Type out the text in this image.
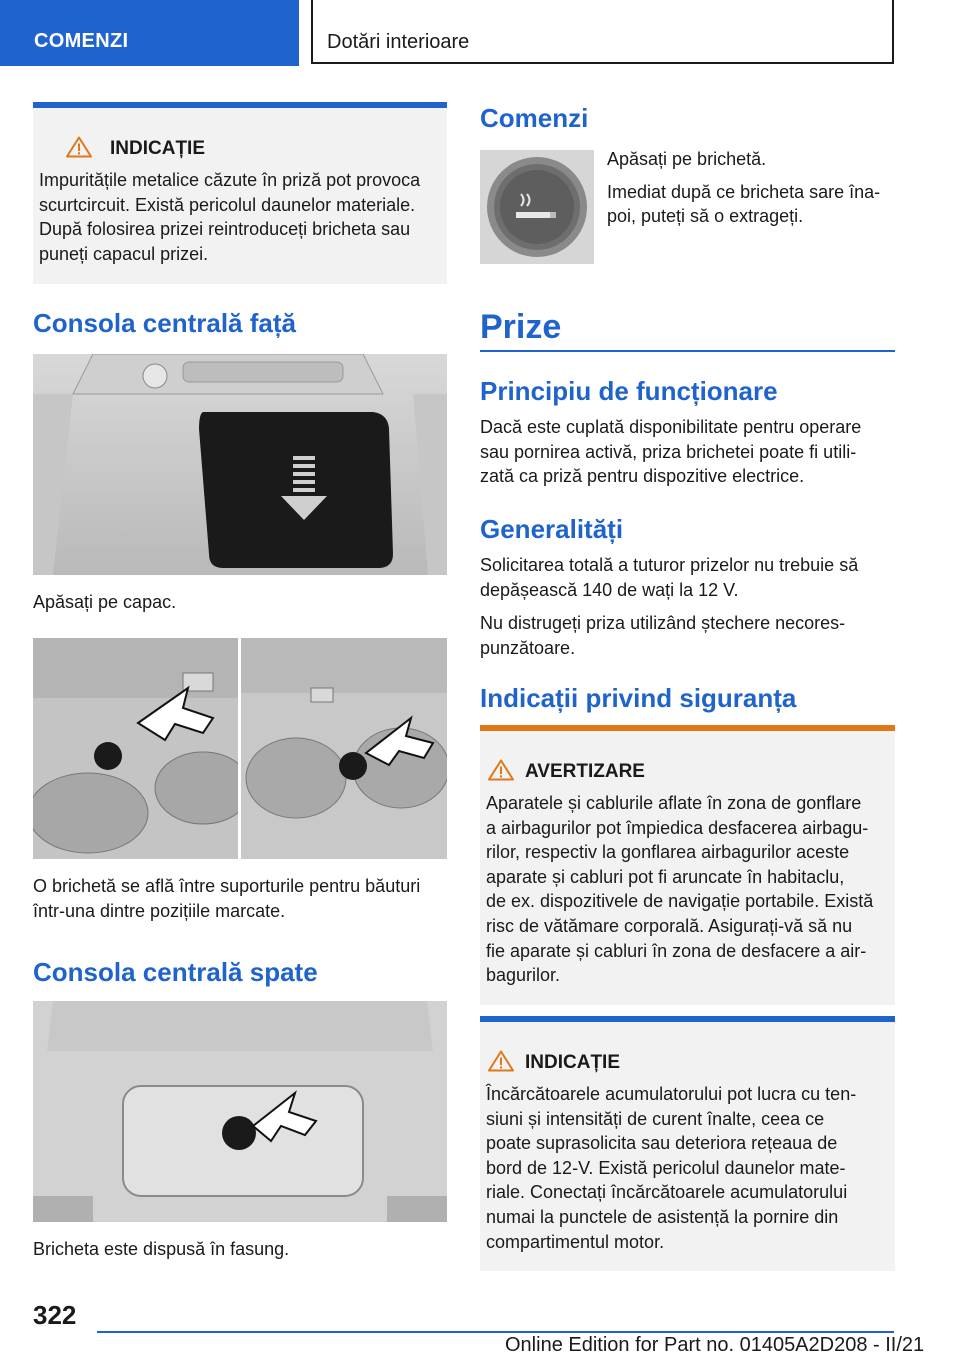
COMENZI	Dotări interioare
INDICAȚIE
Impuritățile metalice căzute în priză pot provoca
scurtcircuit. Există pericolul daunelor materiale.
După folosirea prizei reintroduceți bricheta sau
puneți capacul prizei.
Consola centrală față
Apăsați pe capac.
O brichetă se află între suporturile pentru băuturi
într-una dintre pozițiile marcate.
Consola centrală spate
Bricheta este dispusă în fasung.
Comenzi
Apăsați pe brichetă.
Imediat după ce bricheta sare îna-
poi, puteți să o extrageți.
Prize
Principiu de funcționare
Dacă este cuplată disponibilitate pentru operare
sau pornirea activă, priza brichetei poate fi utili-
zată ca priză pentru dispozitive electrice.
Generalități
Solicitarea totală a tuturor prizelor nu trebuie să
depășească 140 de wați la 12 V.
Nu distrugeți priza utilizând ștechere necores-
punzătoare.
Indicații privind siguranța
AVERTIZARE
Aparatele și cablurile aflate în zona de gonflare
a airbagurilor pot împiedica desfacerea airbagu-
rilor, respectiv la gonflarea airbagurilor aceste
aparate și cabluri pot fi aruncate în habitaclu,
de ex. dispozitivele de navigație portabile. Există
risc de vătămare corporală. Asigurați-vă să nu
fie aparate și cabluri în zona de desfacere a air-
bagurilor.
INDICAȚIE
Încărcătoarele acumulatorului pot lucra cu ten-
siuni și intensități de curent înalte, ceea ce
poate suprasolicita sau deteriora rețeaua de
bord de 12-V. Există pericolul daunelor mate-
riale. Conectați încărcătoarele acumulatorului
numai la punctele de asistență la pornire din
compartimentul motor.
322
Online Edition for Part no. 01405A2D208 - II/21
